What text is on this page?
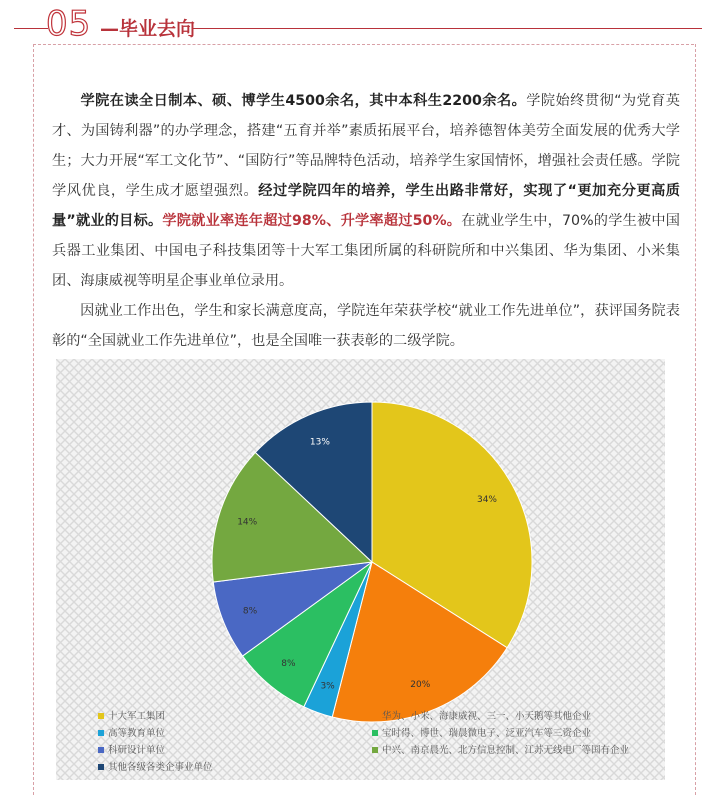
05 —毕业去向
学院在读全日制本、硕、博学生4500余名，其中本科生2200余名。学院始终贯彻“为党育英才、为国铸利器”的办学理念，搭建“五育并举”素质拓展平台，培养德智体美劳全面发展的优秀大学生；大力开展“军工文化节”、“国防行”等品牌特色活动，培养学生家国情怀，增强社会责任感。学院学风优良，学生成才愿望强烈。经过学院四年的培养，学生出路非常好，实现了“更加充分更高质量”就业的目标。学院就业率连年超过98%、升学率超过50%。在就业学生中，70%的学生被中国兵器工业集团、中国电子科技集团等十大军工集团所属的科研院所和中兴集团、华为集团、小米集团、海康威视等明星企事业单位录用。
因就业工作出色，学生和家长满意度高，学院连年荣获学校“就业工作先进单位”，获评国务院表彰的“全国就业工作先进单位”，也是全国唯一获表彰的二级学院。
34%
20%
3%
8%
8%
14%
13%
十大军工集团	华为、小米、海康威视、三一、小天鹅等其他企业
高等教育单位	宝时得、博世、瑞晨微电子、泛亚汽车等三资企业
科研设计单位	中兴、南京晨光、北方信息控制、江苏无线电厂等国有企业
其他各级各类企事业单位
